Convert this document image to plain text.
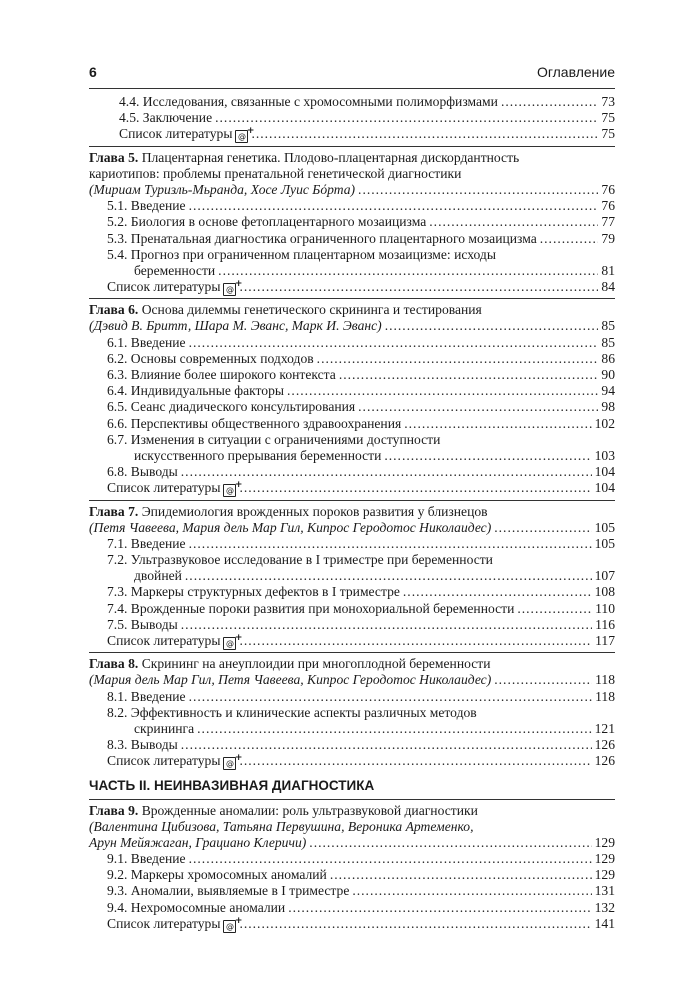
6	Оглавление
4.4. Исследования, связанные с хромосомными полиморфизмами .....	73
4.5. Заключение .....	75
Список литературы @ + .....	75
Глава 5. Плацентарная генетика. Плодово-плацентарная дискордантность
кариотипов: проблемы пренатальной генетической диагностики
(Мириам Туризль-Мьранда, Хосе Луис Бόрта) .....	76
5.1. Введение .....	76
5.2. Биология в основе фетоплацентарного мозаицизма .....	77
5.3. Пренатальная диагностика ограниченного плацентарного мозаицизма .....	79
5.4. Прогноз при ограниченном плацентарном мозаицизме: исходы
беременности .....	81
Список литературы @ + .....	84
Глава 6. Основа дилеммы генетического скрининга и тестирования
(Дэвид В. Бритт, Шара М. Эванс, Марк И. Эванс) .....	85
6.1. Введение .....	85
6.2. Основы современных подходов .....	86
6.3. Влияние более широкого контекста .....	90
6.4. Индивидуальные факторы .....	94
6.5. Сеанс диадического консультирования .....	98
6.6. Перспективы общественного здравоохранения .....	102
6.7. Изменения в ситуации с ограничениями доступности
искусственного прерывания беременности .....	103
6.8. Выводы .....	104
Список литературы @ + .....	104
Глава 7. Эпидемиология врожденных пороков развития у близнецов
(Петя Чавеева, Мария дель Мар Гил, Кипрос Геродотос Николаидес) .....	105
7.1. Введение .....	105
7.2. Ультразвуковое исследование в I триместре при беременности
двойней .....	107
7.3. Маркеры структурных дефектов в I триместре .....	108
7.4. Врожденные пороки развития при монохориальной беременности .....	110
7.5. Выводы .....	116
Список литературы @ + .....	117
Глава 8. Скрининг на анеуплоидии при многоплодной беременности
(Мария дель Мар Гил, Петя Чавеева, Кипрос Геродотос Николаидес) .....	118
8.1. Введение .....	118
8.2. Эффективность и клинические аспекты различных методов
скрининга .....	121
8.3. Выводы .....	126
Список литературы @ + .....	126
ЧАСТЬ II. НЕИНВАЗИВНАЯ ДИАГНОСТИКА
Глава 9. Врожденные аномалии: роль ультразвуковой диагностики
(Валентина Цибизова, Татьяна Первушина, Вероника Артеменко,
Арун Мейяжаган, Грациано Клеричи) .....	129
9.1. Введение .....	129
9.2. Маркеры хромосомных аномалий .....	129
9.3. Аномалии, выявляемые в I триместре .....	131
9.4. Нехромосомные аномалии .....	132
Список литературы @ + .....	141
